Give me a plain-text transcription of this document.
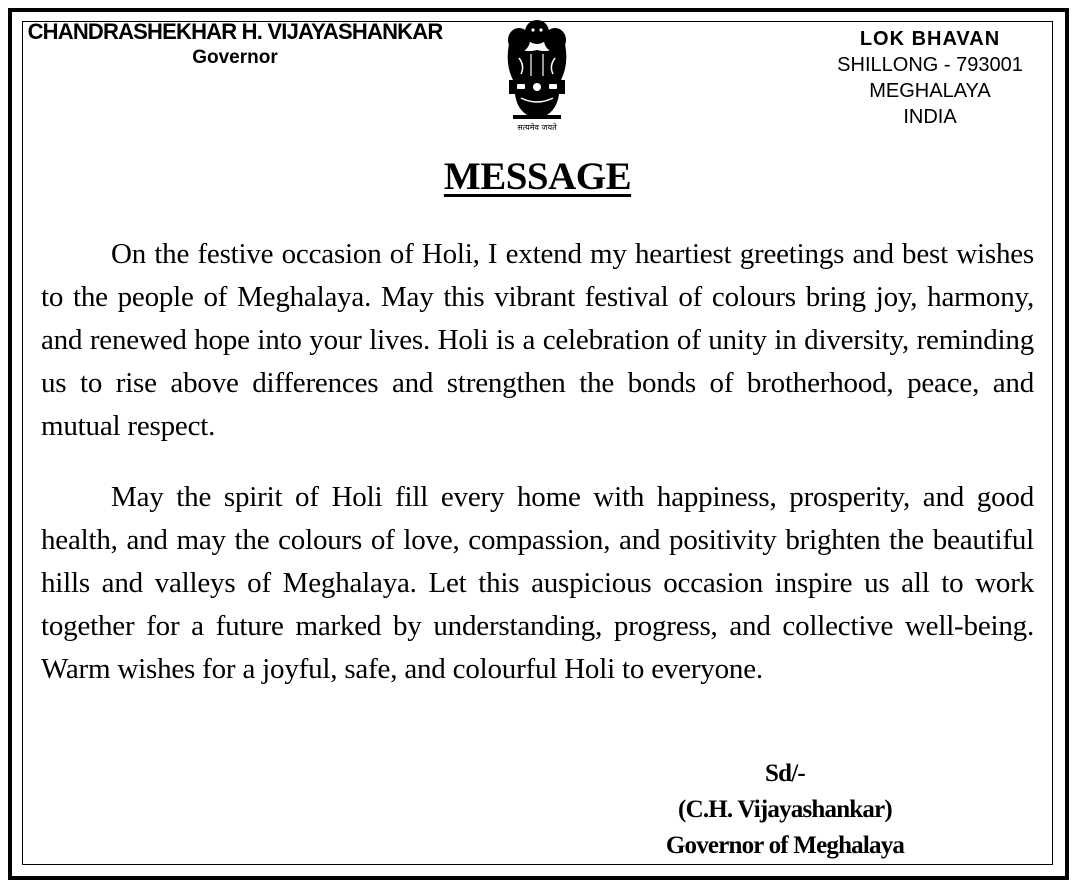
CHANDRASHEKHAR H. VIJAYASHANKAR
Governor
सत्यमेव जयते
LOK BHAVAN
SHILLONG - 793001
MEGHALAYA
INDIA
MESSAGE
On the festive occasion of Holi, I extend my heartiest greetings and best wishes to the people of Meghalaya. May this vibrant festival of colours bring joy, harmony, and renewed hope into your lives. Holi is a celebration of unity in diversity, reminding us to rise above differences and strengthen the bonds of brotherhood, peace, and mutual respect.
May the spirit of Holi fill every home with happiness, prosperity, and good health, and may the colours of love, compassion, and positivity brighten the beautiful hills and valleys of Meghalaya. Let this auspicious occasion inspire us all to work together for a future marked by understanding, progress, and collective well-being. Warm wishes for a joyful, safe, and colourful Holi to everyone.
Sd/-
(C.H. Vijayashankar)
Governor of Meghalaya
